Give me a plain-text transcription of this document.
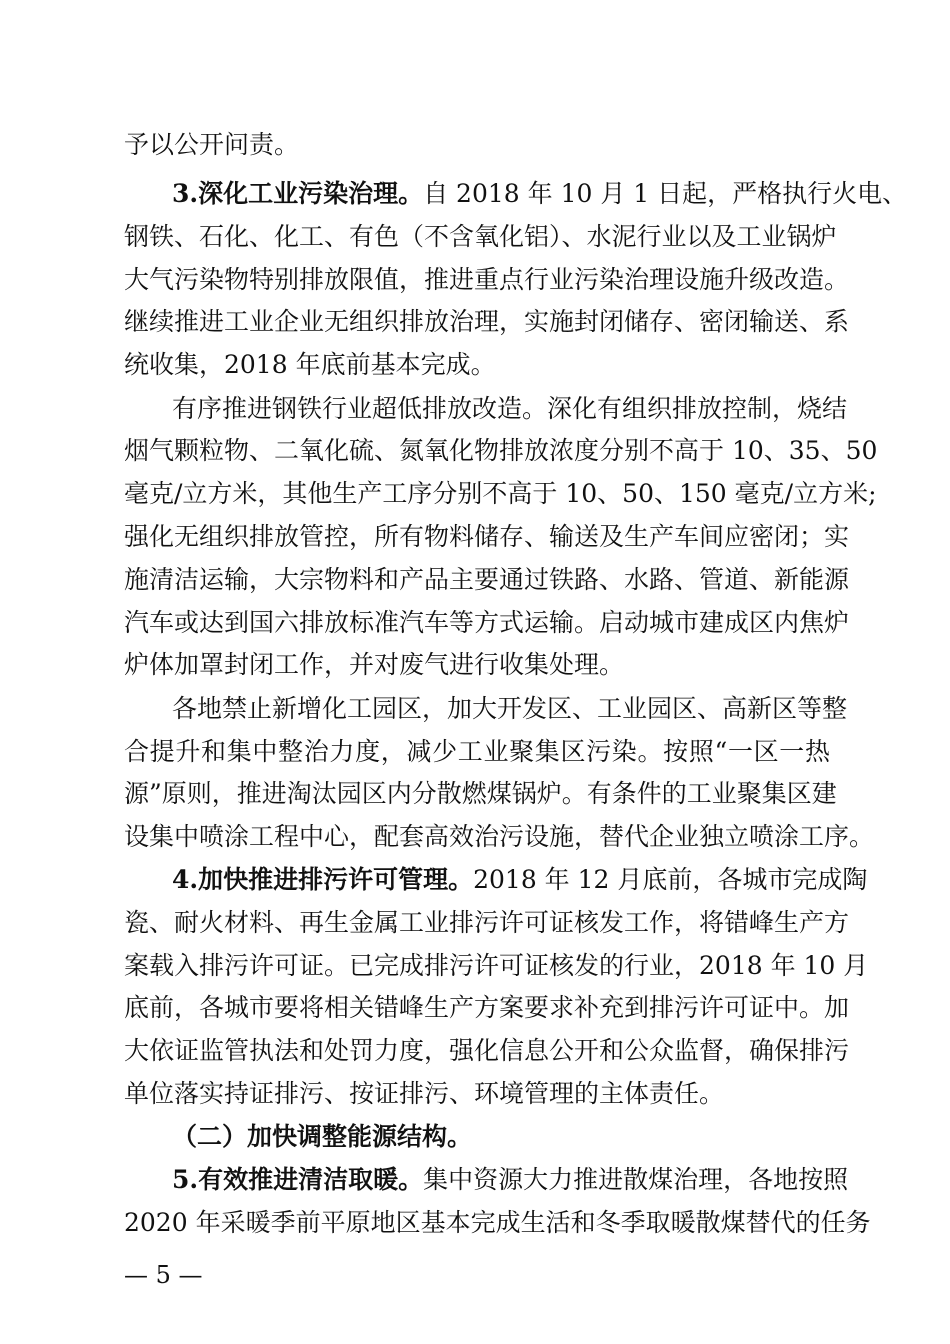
予以公开问责。
3.深化工业污染治理。自 2018 年 10 月 1 日起，严格执行火电、
钢铁、石化、化工、有色（不含氧化铝）、水泥行业以及工业锅炉
大气污染物特别排放限值，推进重点行业污染治理设施升级改造。
继续推进工业企业无组织排放治理，实施封闭储存、密闭输送、系
统收集，2018 年底前基本完成。
有序推进钢铁行业超低排放改造。深化有组织排放控制，烧结
烟气颗粒物、二氧化硫、氮氧化物排放浓度分别不高于 10、35、50
毫克/立方米，其他生产工序分别不高于 10、50、150 毫克/立方米;
强化无组织排放管控，所有物料储存、输送及生产车间应密闭；实
施清洁运输，大宗物料和产品主要通过铁路、水路、管道、新能源
汽车或达到国六排放标准汽车等方式运输。启动城市建成区内焦炉
炉体加罩封闭工作，并对废气进行收集处理。
各地禁止新增化工园区，加大开发区、工业园区、高新区等整
合提升和集中整治力度，减少工业聚集区污染。按照“一区一热
源”原则，推进淘汰园区内分散燃煤锅炉。有条件的工业聚集区建
设集中喷涂工程中心，配套高效治污设施，替代企业独立喷涂工序。
4.加快推进排污许可管理。2018 年 12 月底前，各城市完成陶
瓷、耐火材料、再生金属工业排污许可证核发工作，将错峰生产方
案载入排污许可证。已完成排污许可证核发的行业，2018 年 10 月
底前，各城市要将相关错峰生产方案要求补充到排污许可证中。加
大依证监管执法和处罚力度，强化信息公开和公众监督，确保排污
单位落实持证排污、按证排污、环境管理的主体责任。
（二）加快调整能源结构。
5.有效推进清洁取暖。集中资源大力推进散煤治理，各地按照
2020 年采暖季前平原地区基本完成生活和冬季取暖散煤替代的任务
— 5 —
